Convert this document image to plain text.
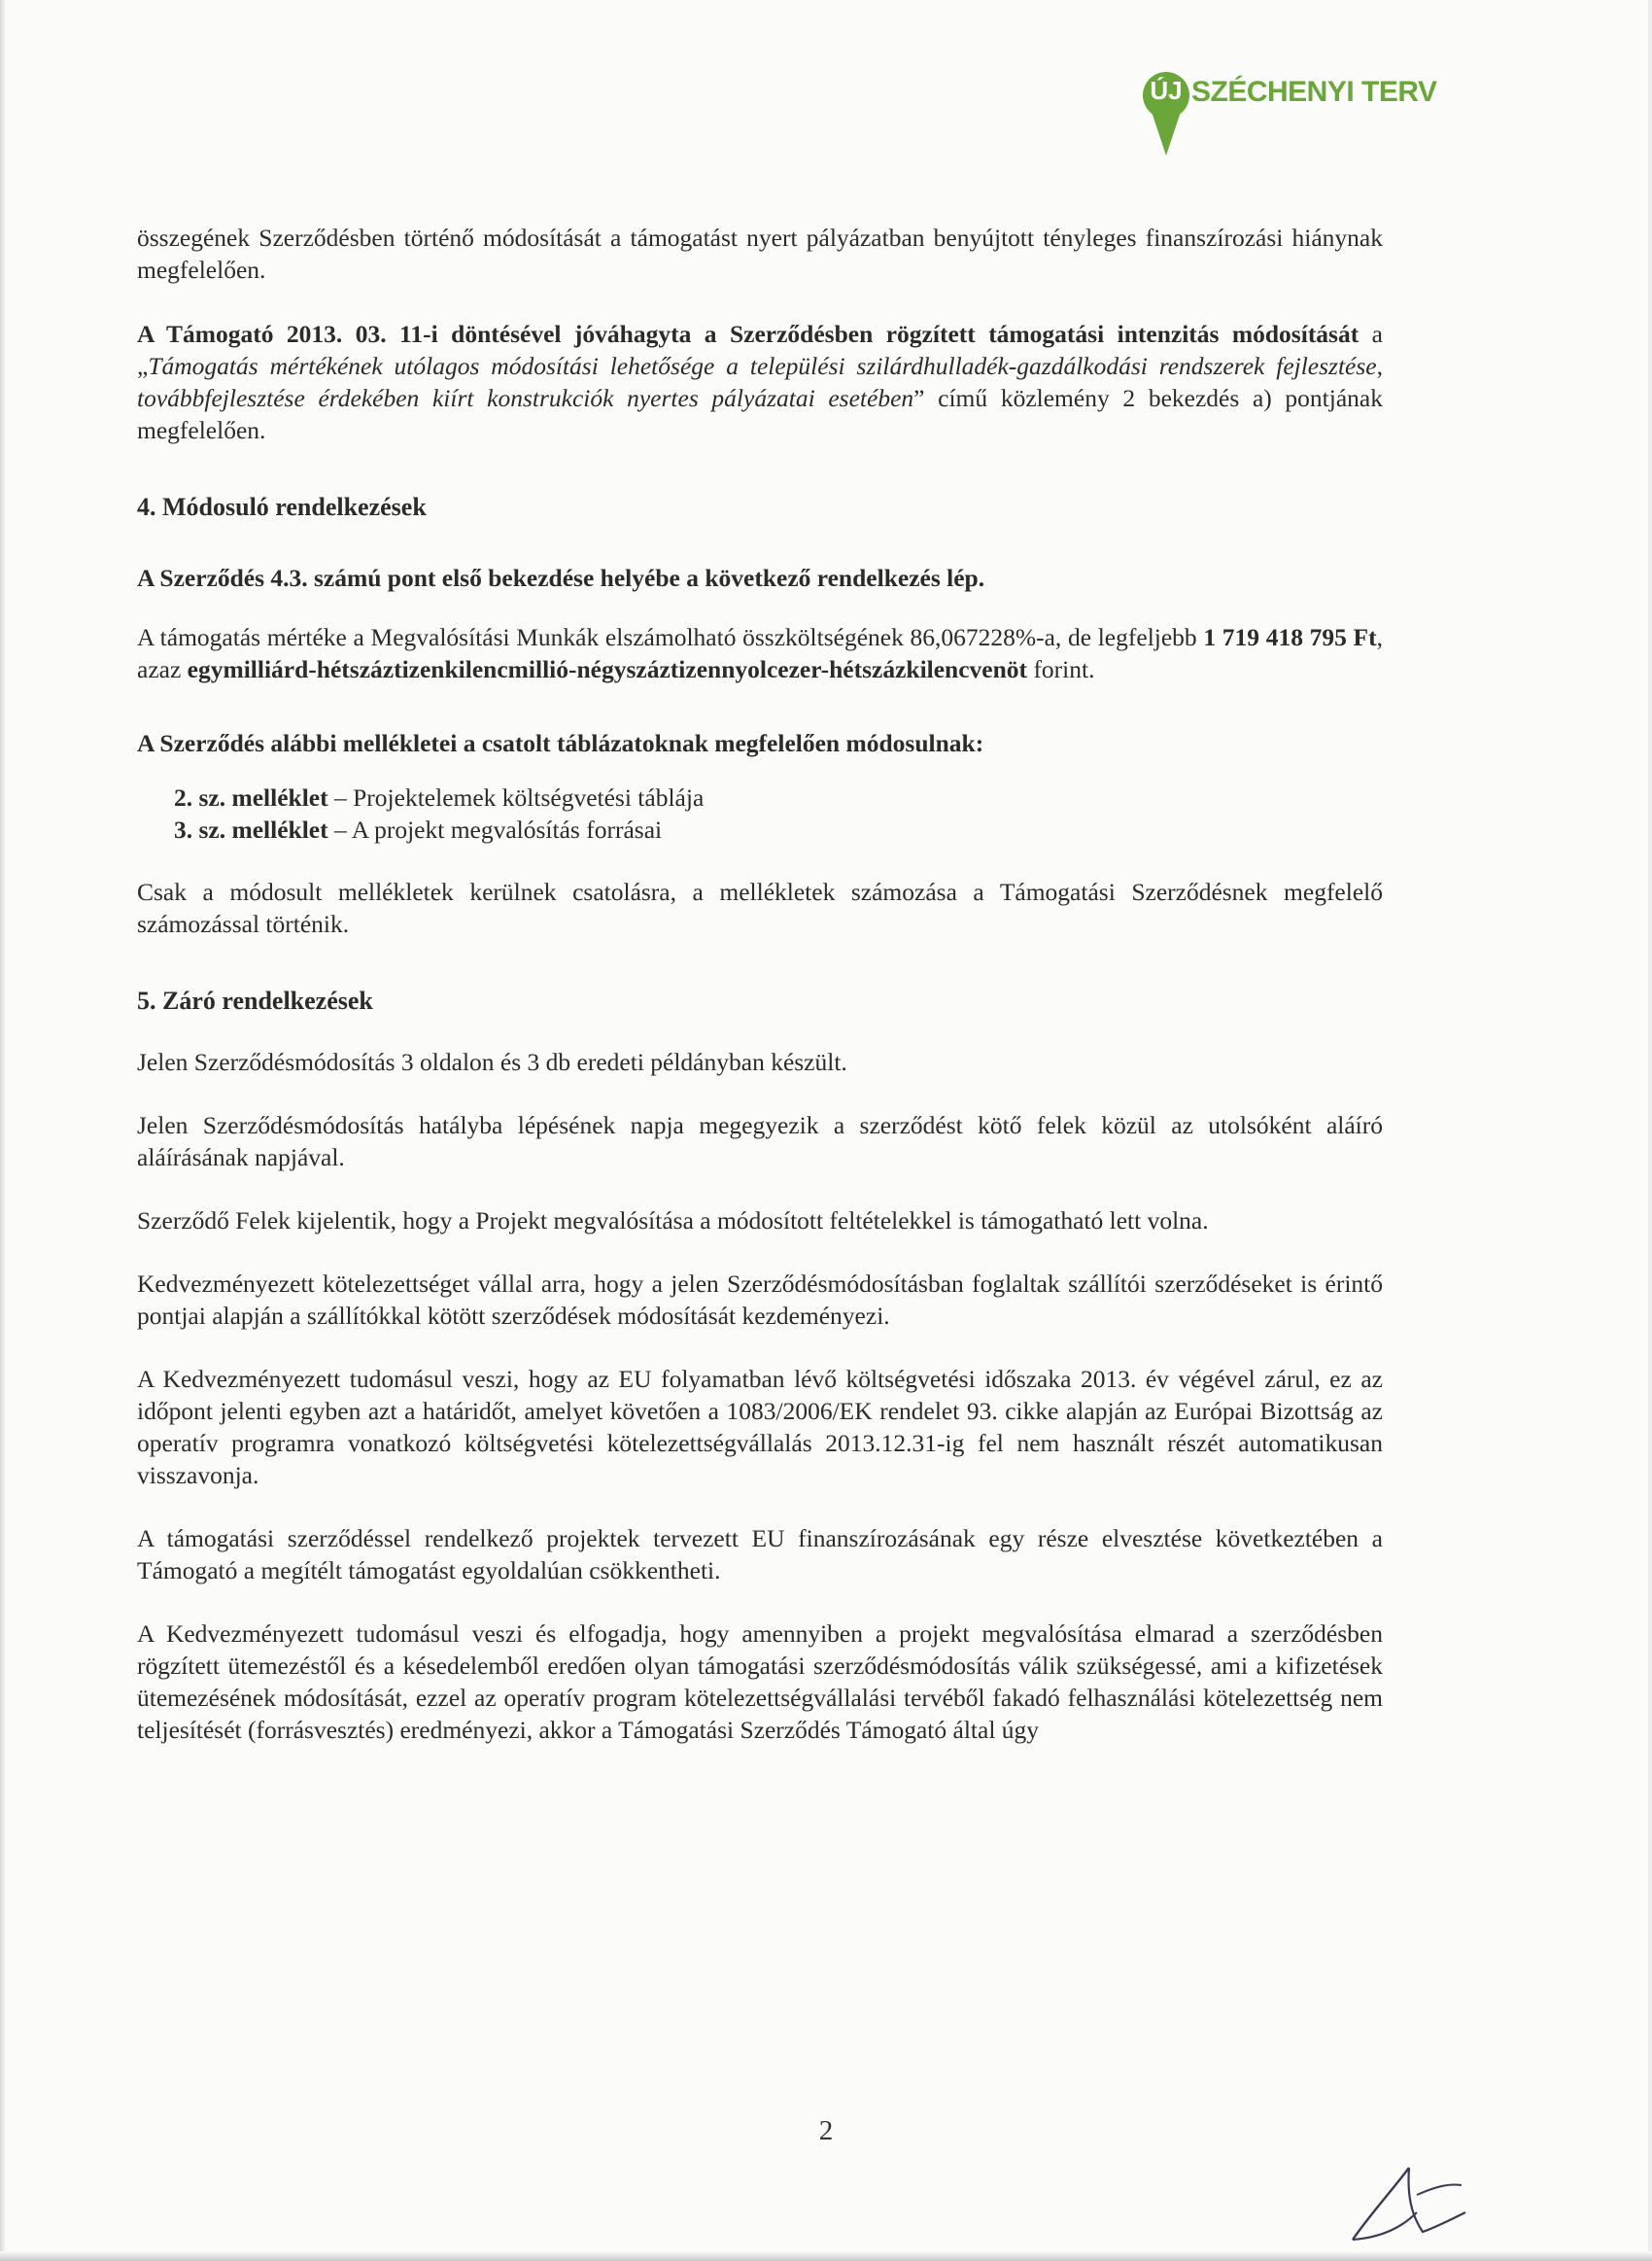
ÚJ SZÉCHENYI TERV

összegének Szerződésben történő módosítását a támogatást nyert pályázatban benyújtott tényleges finanszírozási hiánynak megfelelően.

A Támogató 2013. 03. 11-i döntésével jóváhagyta a Szerződésben rögzített támogatási intenzitás módosítását a „Támogatás mértékének utólagos módosítási lehetősége a települési szilárdhulladék-gazdálkodási rendszerek fejlesztése, továbbfejlesztése érdekében kiírt konstrukciók nyertes pályázatai esetében” című közlemény 2 bekezdés a) pontjának megfelelően.

4. Módosuló rendelkezések

A Szerződés 4.3. számú pont első bekezdése helyébe a következő rendelkezés lép.

A támogatás mértéke a Megvalósítási Munkák elszámolható összköltségének 86,067228%-a, de legfeljebb 1 719 418 795 Ft, azaz egymilliárd-hétszáztizenkilencmillió-négyszáztizennyolcezer-hétszázkilencvenöt forint.

A Szerződés alábbi mellékletei a csatolt táblázatoknak megfelelően módosulnak:

2. sz. melléklet – Projektelemek költségvetési táblája
3. sz. melléklet – A projekt megvalósítás forrásai

Csak a módosult mellékletek kerülnek csatolásra, a mellékletek számozása a Támogatási Szerződésnek megfelelő számozással történik.

5. Záró rendelkezések

Jelen Szerződésmódosítás 3 oldalon és 3 db eredeti példányban készült.

Jelen Szerződésmódosítás hatályba lépésének napja megegyezik a szerződést kötő felek közül az utolsóként aláíró aláírásának napjával.

Szerződő Felek kijelentik, hogy a Projekt megvalósítása a módosított feltételekkel is támogatható lett volna.

Kedvezményezett kötelezettséget vállal arra, hogy a jelen Szerződésmódosításban foglaltak szállítói szerződéseket is érintő pontjai alapján a szállítókkal kötött szerződések módosítását kezdeményezi.

A Kedvezményezett tudomásul veszi, hogy az EU folyamatban lévő költségvetési időszaka 2013. év végével zárul, ez az időpont jelenti egyben azt a határidőt, amelyet követően a 1083/2006/EK rendelet 93. cikke alapján az Európai Bizottság az operatív programra vonatkozó költségvetési kötelezettségvállalás 2013.12.31-ig fel nem használt részét automatikusan visszavonja.

A támogatási szerződéssel rendelkező projektek tervezett EU finanszírozásának egy része elvesztése következtében a Támogató a megítélt támogatást egyoldalúan csökkentheti.

A Kedvezményezett tudomásul veszi és elfogadja, hogy amennyiben a projekt megvalósítása elmarad a szerződésben rögzített ütemezéstől és a késedelemből eredően olyan támogatási szerződésmódosítás válik szükségessé, ami a kifizetések ütemezésének módosítását, ezzel az operatív program kötelezettségvállalási tervéből fakadó felhasználási kötelezettség nem teljesítését (forrásvesztés) eredményezi, akkor a Támogatási Szerződés Támogató által úgy

2
